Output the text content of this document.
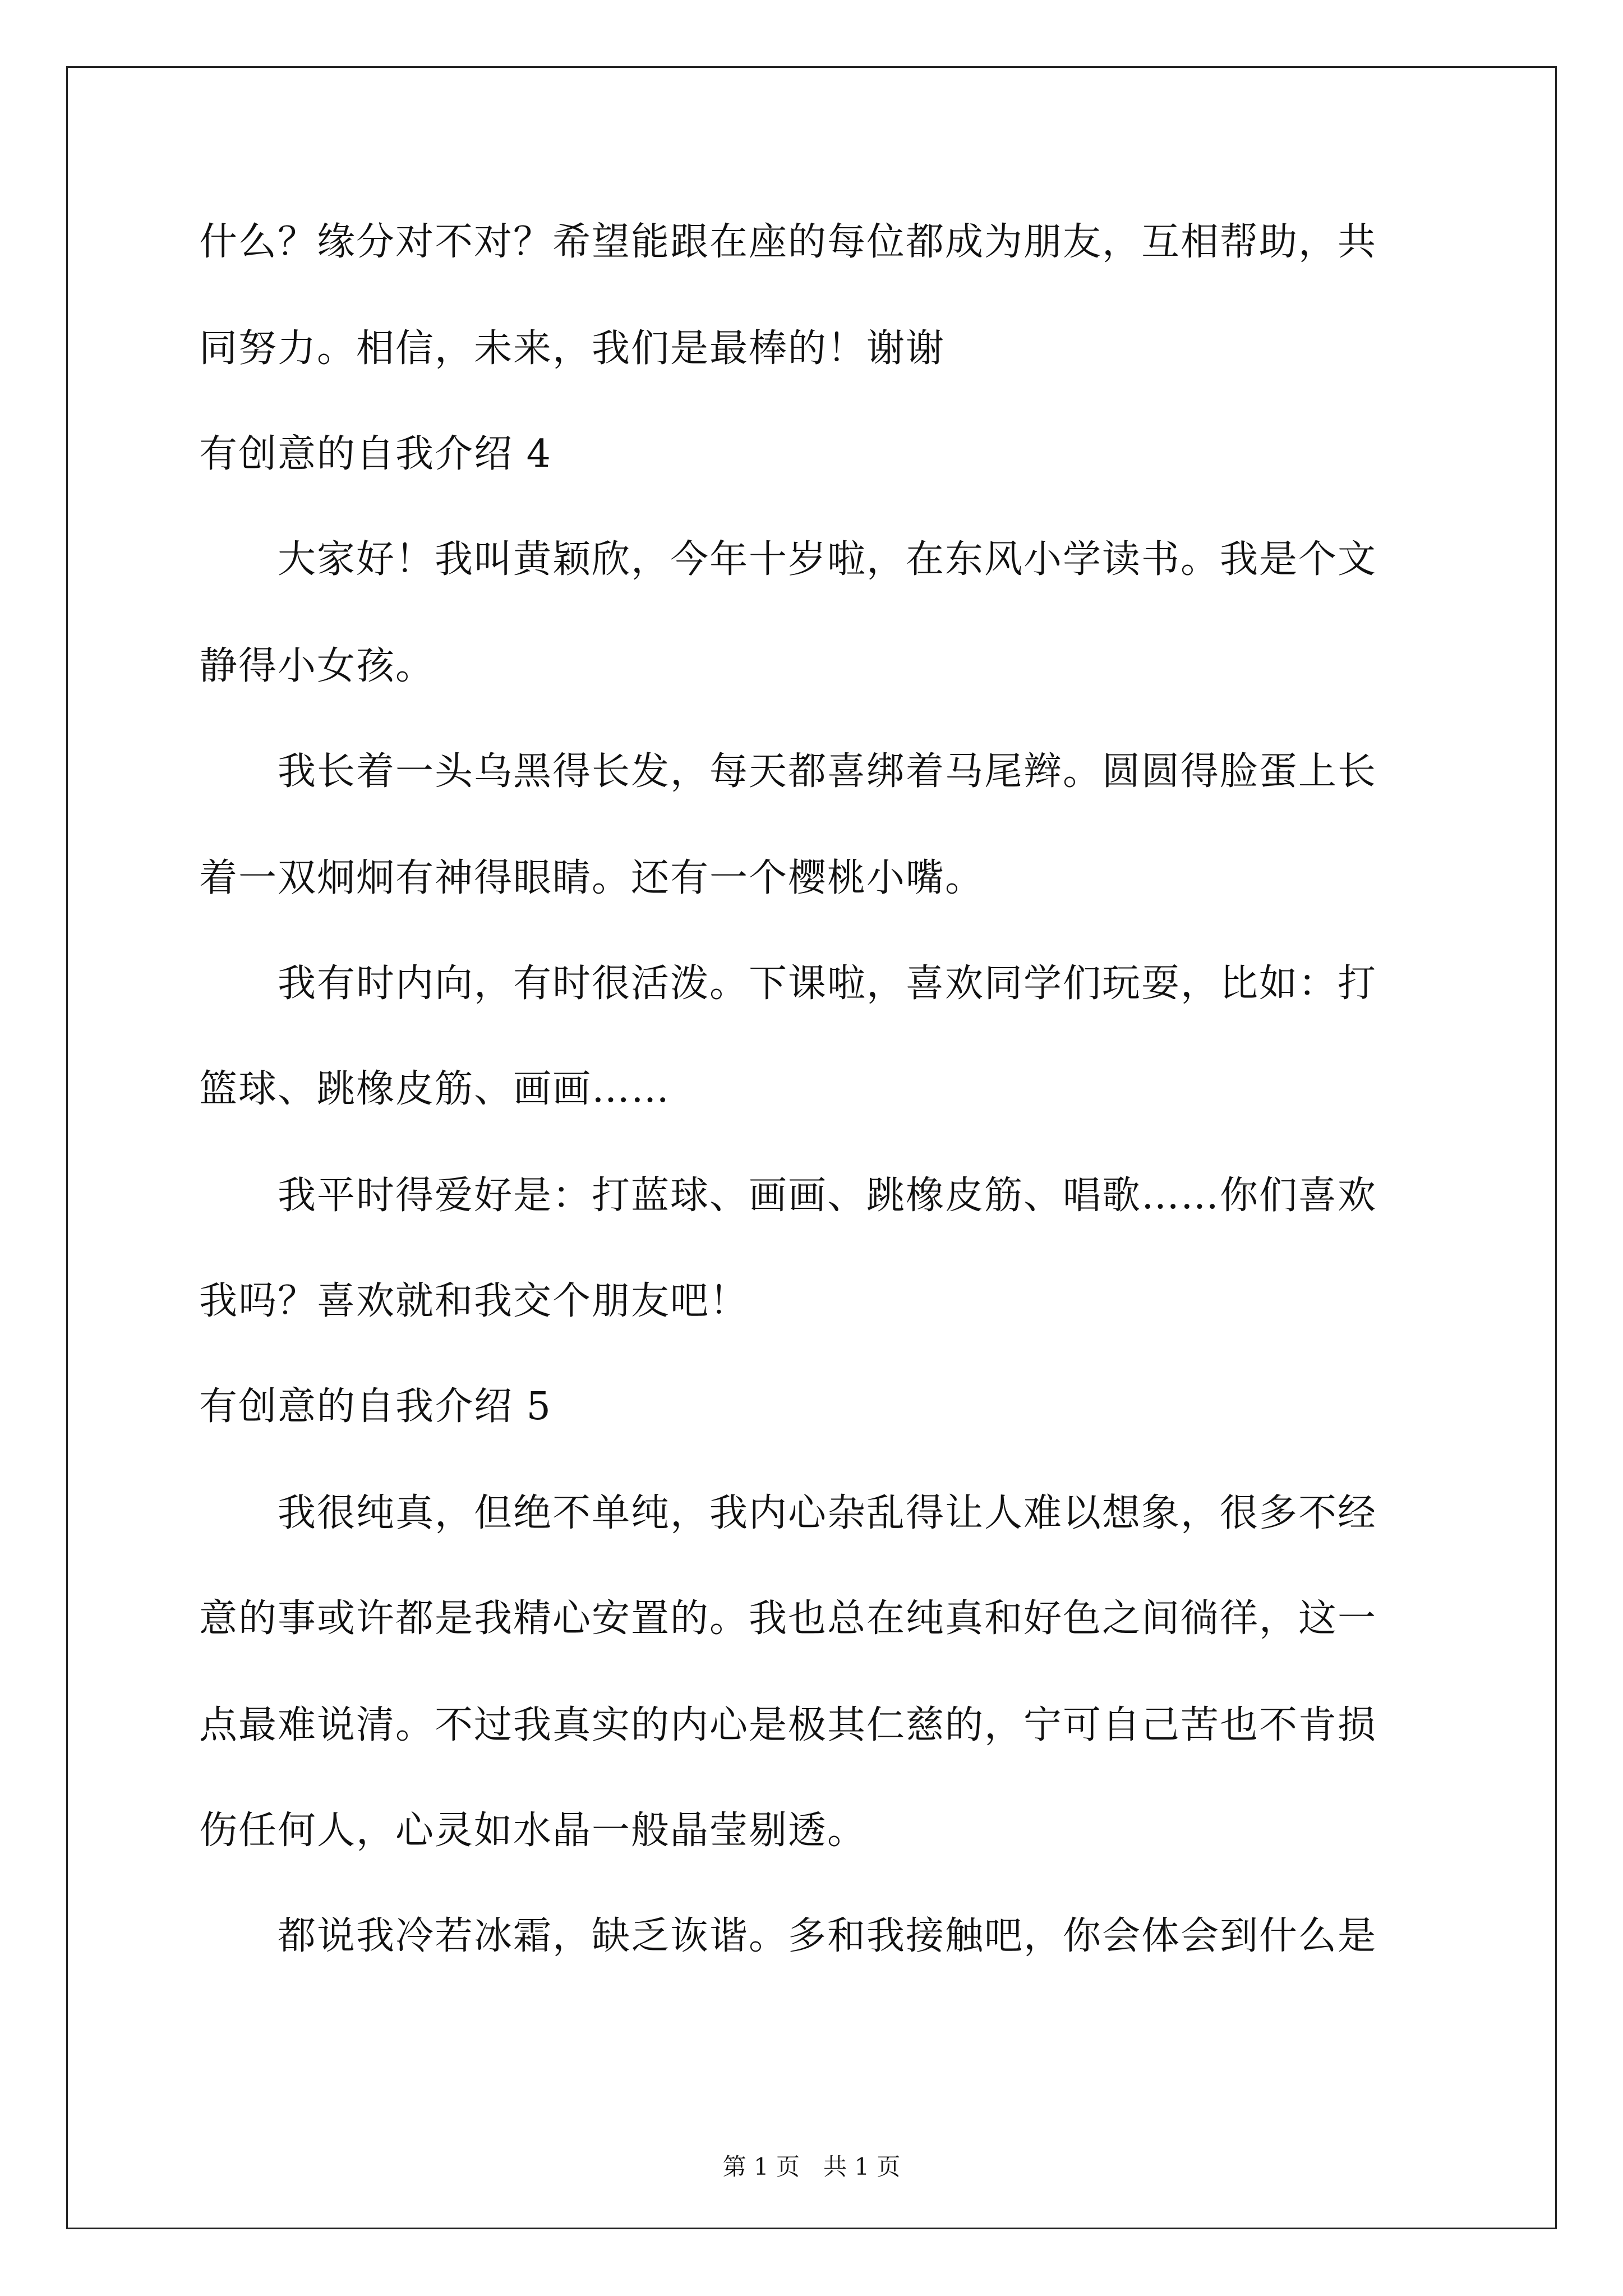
什么？缘分对不对？希望能跟在座的每位都成为朋友，互相帮助，共
同努力。相信，未来，我们是最棒的！谢谢
有创意的自我介绍 4
　　大家好！我叫黄颖欣，今年十岁啦，在东风小学读书。我是个文
静得小女孩。
　　我长着一头乌黑得长发，每天都喜绑着马尾辫。圆圆得脸蛋上长
着一双炯炯有神得眼睛。还有一个樱桃小嘴。
　　我有时内向，有时很活泼。下课啦，喜欢同学们玩耍，比如：打
篮球、跳橡皮筋、画画……
　　我平时得爱好是：打蓝球、画画、跳橡皮筋、唱歌……你们喜欢
我吗？喜欢就和我交个朋友吧！
有创意的自我介绍 5
　　我很纯真，但绝不单纯，我内心杂乱得让人难以想象，很多不经
意的事或许都是我精心安置的。我也总在纯真和好色之间徜徉，这一
点最难说清。不过我真实的内心是极其仁慈的，宁可自己苦也不肯损
伤任何人，心灵如水晶一般晶莹剔透。
　　都说我冷若冰霜，缺乏诙谐。多和我接触吧，你会体会到什么是
第 1 页　共 1 页
